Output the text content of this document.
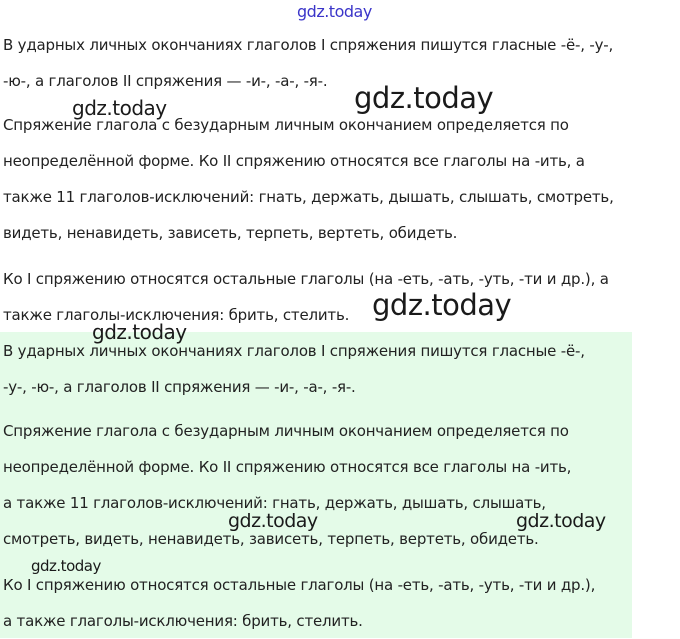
В ударных личных окончаниях глаголов I спряжения пишутся гласные -ё-, -у-,
-ю-, а глаголов II спряжения — -и-, -а-, -я-.
Спряжение глагола с безударным личным окончанием определяется по
неопределённой форме. Ко II спряжению относятся все глаголы на -ить, а
также 11 глаголов-исключений: гнать, держать, дышать, слышать, смотреть,
видеть, ненавидеть, зависеть, терпеть, вертеть, обидеть.
Ко I спряжению относятся остальные глаголы (на -еть, -ать, -уть, -ти и др.), а
также глаголы-исключения: брить, стелить.
В ударных личных окончаниях глаголов I спряжения пишутся гласные -ё-,
-у-, -ю-, а глаголов II спряжения — -и-, -а-, -я-.
Спряжение глагола с безударным личным окончанием определяется по
неопределённой форме. Ко II спряжению относятся все глаголы на -ить,
а также 11 глаголов-исключений: гнать, держать, дышать, слышать,
смотреть, видеть, ненавидеть, зависеть, терпеть, вертеть, обидеть.
Ко I спряжению относятся остальные глаголы (на -еть, -ать, -уть, -ти и др.),
а также глаголы-исключения: брить, стелить.
gdz.today
gdz.today	gdz.today
gdz.today
gdz.today
gdz.today	gdz.today
gdz.today
